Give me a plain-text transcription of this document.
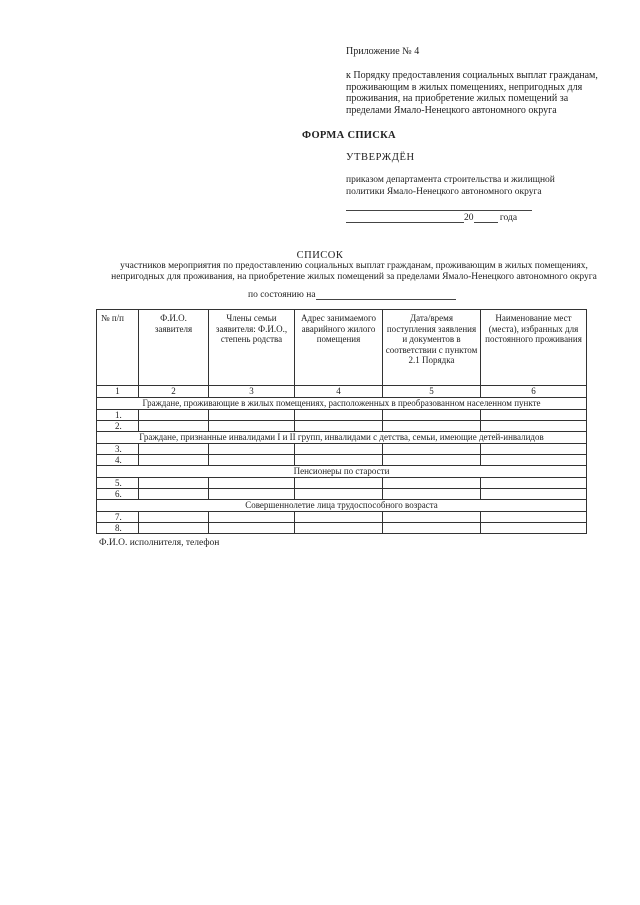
Приложение № 4
к Порядку предоставления социальных выплат гражданам, проживающим в жилых помещениях, непригодных для проживания, на приобретение жилых помещений за пределами Ямало-Ненецкого автономного округа
ФОРМА СПИСКА
УТВЕРЖДЁН
приказом департамента строительства и жилищной политики Ямало-Ненецкого автономного округа
20	года
СПИСОК
участников мероприятия по предоставлению социальных выплат гражданам, проживающим в жилых помещениях, непригодных для проживания, на приобретение жилых помещений за пределами Ямало-Ненецкого автономного округа
по состоянию на
№ п/п	Ф.И.О. заявителя	Члены семьи заявителя: Ф.И.О., степень родства	Адрес занимаемого аварийного жилого помещения	Дата/время поступления заявления и документов в соответствии с пунктом 2.1 Порядка	Наименование мест (места), избранных для постоянного проживания
1	2	3	4	5	6
Граждане, проживающие в жилых помещениях, расположенных в преобразованном населенном пункте					
1.					
2.					
Граждане, признанные инвалидами I и II групп, инвалидами с детства, семьи, имеющие детей-инвалидов					
3.					
4.					
Пенсионеры по старости					
5.					
6.					
Совершеннолетие лица трудоспособного возраста					
7.					
8.					
Ф.И.О. исполнителя, телефон
